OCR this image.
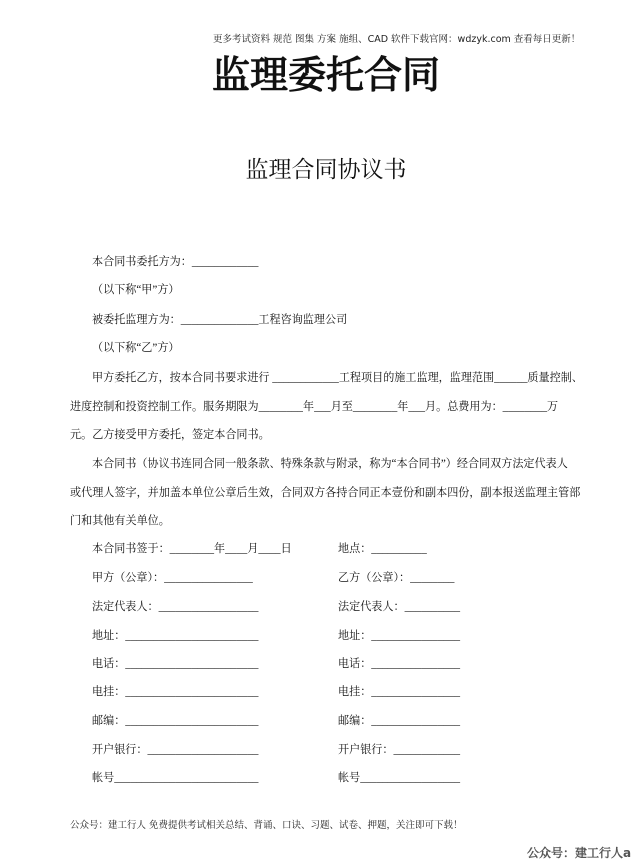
更多考试资料 规范 图集 方案 施组、CAD 软件下载官网：wdzyk.com 查看每日更新！
监理委托合同
监理合同协议书
本合同书委托方为：____________
（以下称“甲”方）
被委托监理方为：______________工程咨询监理公司
（以下称“乙”方）
甲方委托乙方，按本合同书要求进行 ____________工程项目的施工监理，监理范围______质量控制、
进度控制和投资控制工作。服务期限为________年___月至________年___月。总费用为：________万
元。乙方接受甲方委托，签定本合同书。
本合同书（协议书连同合同一般条款、特殊条款与附录，称为“本合同书”）经合同双方法定代表人
或代理人签字，并加盖本单位公章后生效，合同双方各持合同正本壹份和副本四份，副本报送监理主管部
门和其他有关单位。
本合同书签于：________年____月____日	地点：__________
甲方（公章）：________________	乙方（公章）：________
法定代表人：__________________	法定代表人：__________
地址：________________________	地址：________________
电话：________________________	电话：________________
电挂：________________________	电挂：________________
邮编：________________________	邮编：________________
开户银行：____________________	开户银行：____________
帐号__________________________	帐号__________________
公众号：建工行人 免费提供考试相关总结、背诵、口诀、习题、试卷、押题，关注即可下载！
公众号：建工行人a
